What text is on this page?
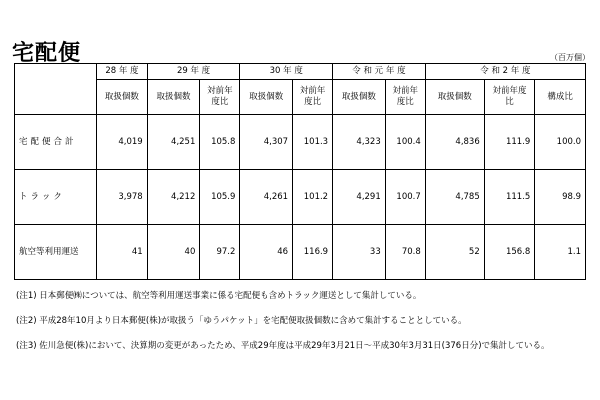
宅配便	（百万個）
	28 年 度	29 年 度		30 年 度		令 和 元 年 度		令 和 2 年 度		
	取扱個数	取扱個数	対前年度比	取扱個数	対前年度比	取扱個数	対前年度比	取扱個数	対前年度比	構成比
宅配便合計	4,019	4,251	105.8	4,307	101.3	4,323	100.4	4,836	111.9	100.0
トラック	3,978	4,212	105.9	4,261	101.2	4,291	100.7	4,785	111.5	98.9
航空等利用運送	41	40	97.2	46	116.9	33	70.8	52	156.8	1.1
(注1) 日本郵便㈱については、航空等利用運送事業に係る宅配便も含めトラック運送として集計している。
(注2) 平成28年10月より日本郵便(株)が取扱う「ゆうパケット」を宅配便取扱個数に含めて集計することとしている。
(注3) 佐川急便(株)において、決算期の変更があったため、平成29年度は平成29年3月21日～平成30年3月31日(376日分)で集計している。
